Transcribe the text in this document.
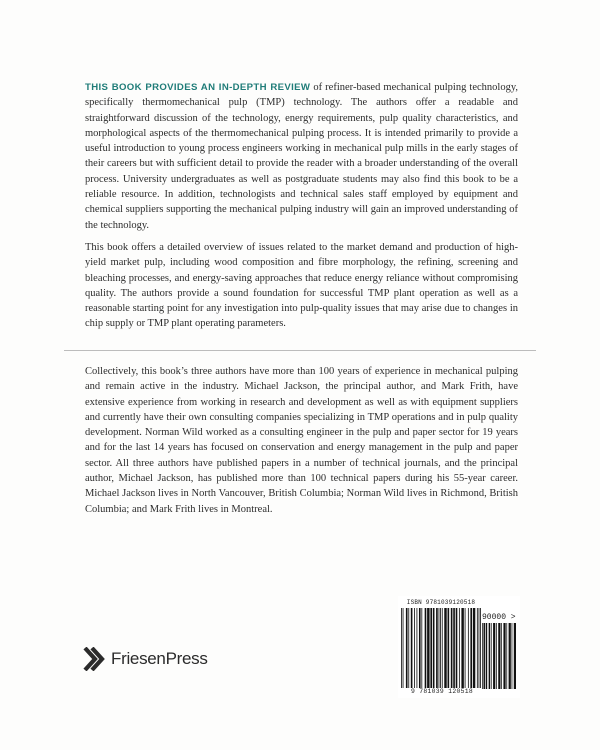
THIS BOOK PROVIDES AN IN-DEPTH REVIEW of refiner-based mechanical pulping technology, specifically thermomechanical pulp (TMP) technology. The authors offer a readable and straightforward discussion of the technology, energy requirements, pulp quality characteristics, and morphological aspects of the thermomechanical pulping process. It is intended primarily to provide a useful introduction to young process engineers working in mechanical pulp mills in the early stages of their careers but with sufficient detail to provide the reader with a broader understanding of the overall process. University undergraduates as well as postgraduate students may also find this book to be a reliable resource. In addition, technologists and technical sales staff employed by equipment and chemical suppliers supporting the mechanical pulping industry will gain an improved understanding of the technology.

This book offers a detailed overview of issues related to the market demand and production of high-yield market pulp, including wood composition and fibre morphology, the refining, screening and bleaching processes, and energy-saving approaches that reduce energy reliance without compromising quality. The authors provide a sound foundation for successful TMP plant operation as well as a reasonable starting point for any investigation into pulp-quality issues that may arise due to changes in chip supply or TMP plant operating parameters.

Collectively, this book’s three authors have more than 100 years of experience in mechanical pulping and remain active in the industry. Michael Jackson, the principal author, and Mark Frith, have extensive experience from working in research and development as well as with equipment suppliers and currently have their own consulting companies specializing in TMP operations and in pulp quality development. Norman Wild worked as a consulting engineer in the pulp and paper sector for 19 years and for the last 14 years has focused on conservation and energy management in the pulp and paper sector. All three authors have published papers in a number of technical journals, and the principal author, Michael Jackson, has published more than 100 technical papers during his 55-year career. Michael Jackson lives in North Vancouver, British Columbia; Norman Wild lives in Richmond, British Columbia; and Mark Frith lives in Montreal.

FriesenPress
ISBN 9781039120518
90000 >
9 781039 120518
